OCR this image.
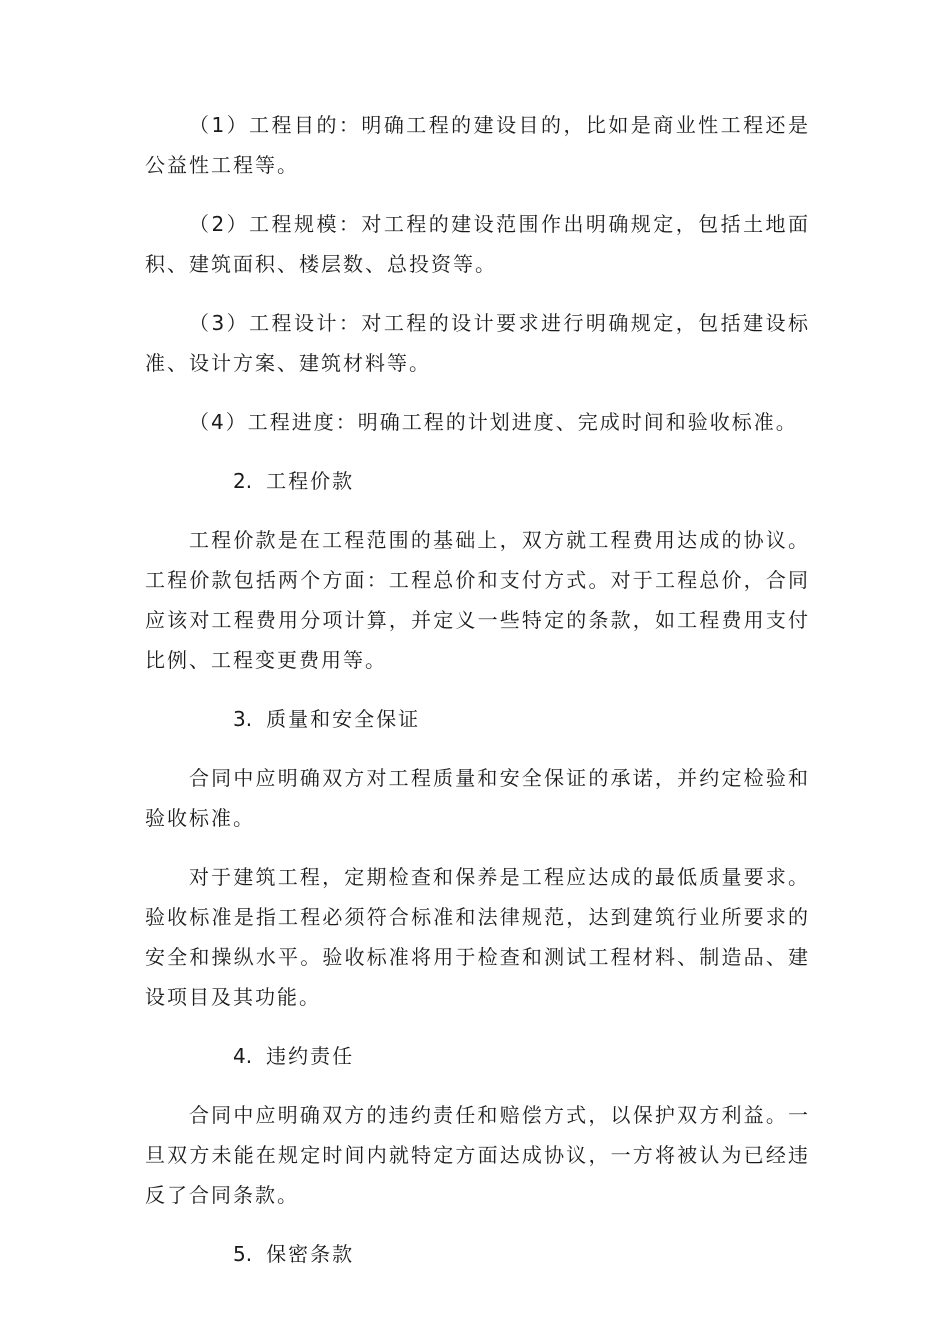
（1）工程目的：明确工程的建设目的，比如是商业性工程还是公益性工程等。

（2）工程规模：对工程的建设范围作出明确规定，包括土地面积、建筑面积、楼层数、总投资等。

（3）工程设计：对工程的设计要求进行明确规定，包括建设标准、设计方案、建筑材料等。

（4）工程进度：明确工程的计划进度、完成时间和验收标准。

2. 工程价款

工程价款是在工程范围的基础上，双方就工程费用达成的协议。工程价款包括两个方面：工程总价和支付方式。对于工程总价，合同应该对工程费用分项计算，并定义一些特定的条款，如工程费用支付比例、工程变更费用等。

3. 质量和安全保证

合同中应明确双方对工程质量和安全保证的承诺，并约定检验和验收标准。

对于建筑工程，定期检查和保养是工程应达成的最低质量要求。验收标准是指工程必须符合标准和法律规范，达到建筑行业所要求的安全和操纵水平。验收标准将用于检查和测试工程材料、制造品、建设项目及其功能。

4. 违约责任

合同中应明确双方的违约责任和赔偿方式，以保护双方利益。一旦双方未能在规定时间内就特定方面达成协议，一方将被认为已经违反了合同条款。

5. 保密条款
